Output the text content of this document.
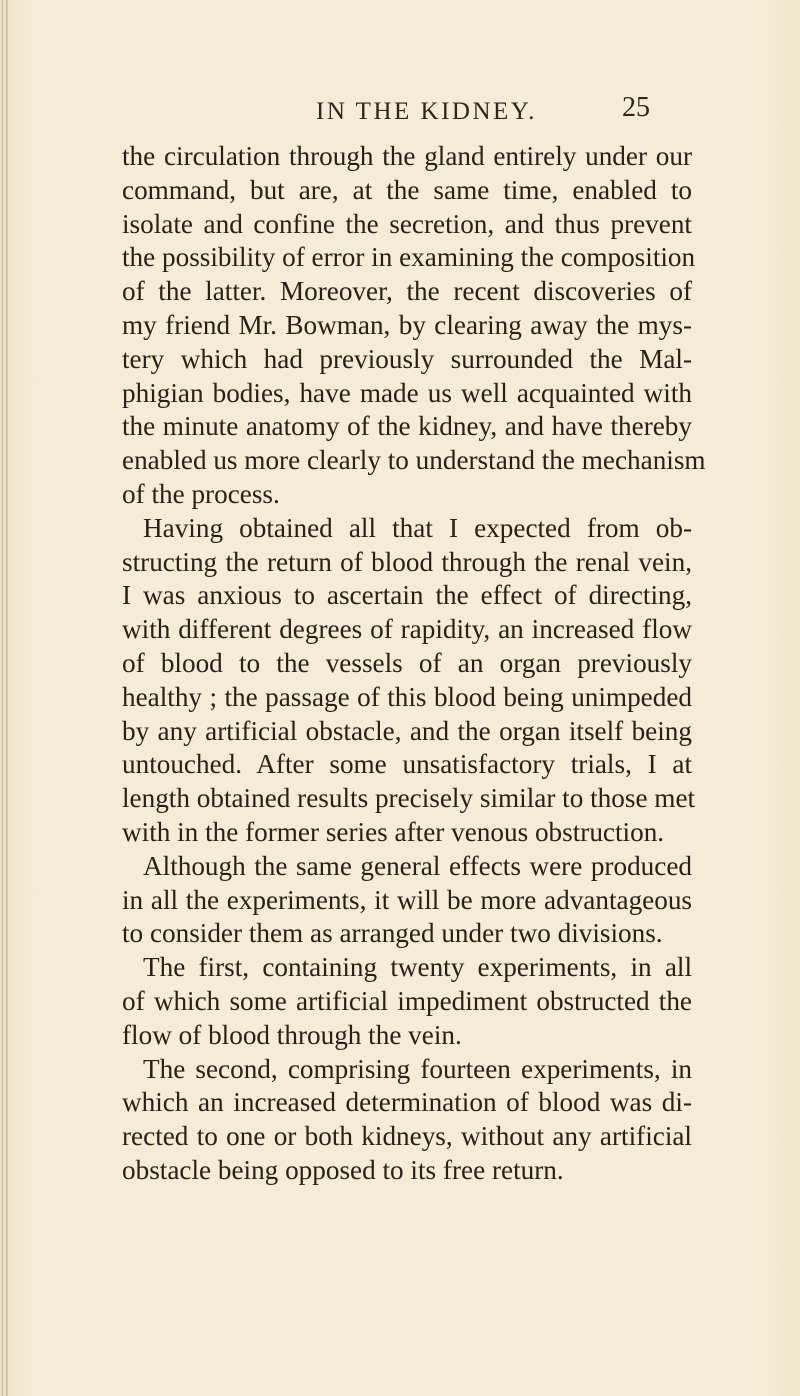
IN THE KIDNEY.	25
the circulation through the gland entirely under our
command, but are, at the same time, enabled to
isolate and confine the secretion, and thus prevent
the possibility of error in examining the composition
of the latter. Moreover, the recent discoveries of
my friend Mr. Bowman, by clearing away the mys-
tery which had previously surrounded the Mal-
phigian bodies, have made us well acquainted with
the minute anatomy of the kidney, and have thereby
enabled us more clearly to understand the mechanism
of the process.
Having obtained all that I expected from ob-
structing the return of blood through the renal vein,
I was anxious to ascertain the effect of directing,
with different degrees of rapidity, an increased flow
of blood to the vessels of an organ previously
healthy ; the passage of this blood being unimpeded
by any artificial obstacle, and the organ itself being
untouched. After some unsatisfactory trials, I at
length obtained results precisely similar to those met
with in the former series after venous obstruction.
Although the same general effects were produced
in all the experiments, it will be more advantageous
to consider them as arranged under two divisions.
The first, containing twenty experiments, in all
of which some artificial impediment obstructed the
flow of blood through the vein.
The second, comprising fourteen experiments, in
which an increased determination of blood was di-
rected to one or both kidneys, without any artificial
obstacle being opposed to its free return.
